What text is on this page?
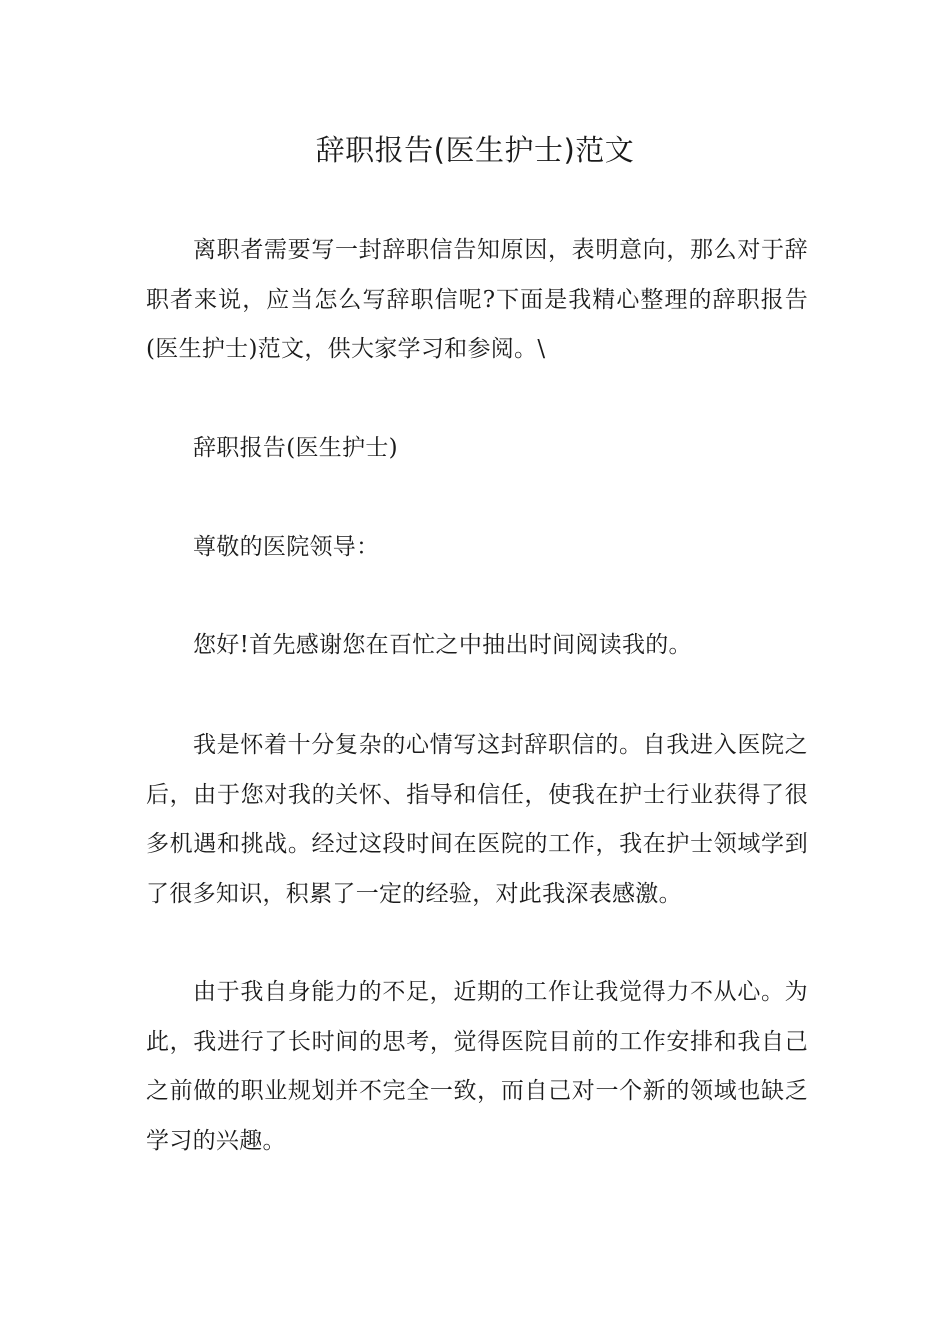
辞职报告(医生护士)范文

离职者需要写一封辞职信告知原因，表明意向，那么对于辞职者来说，应当怎么写辞职信呢?下面是我精心整理的辞职报告(医生护士)范文，供大家学习和参阅。\

辞职报告(医生护士)

尊敬的医院领导：

您好!首先感谢您在百忙之中抽出时间阅读我的。

我是怀着十分复杂的心情写这封辞职信的。自我进入医院之后，由于您对我的关怀、指导和信任，使我在护士行业获得了很多机遇和挑战。经过这段时间在医院的工作，我在护士领域学到了很多知识，积累了一定的经验，对此我深表感激。

由于我自身能力的不足，近期的工作让我觉得力不从心。为此，我进行了长时间的思考，觉得医院目前的工作安排和我自己之前做的职业规划并不完全一致，而自己对一个新的领域也缺乏学习的兴趣。
